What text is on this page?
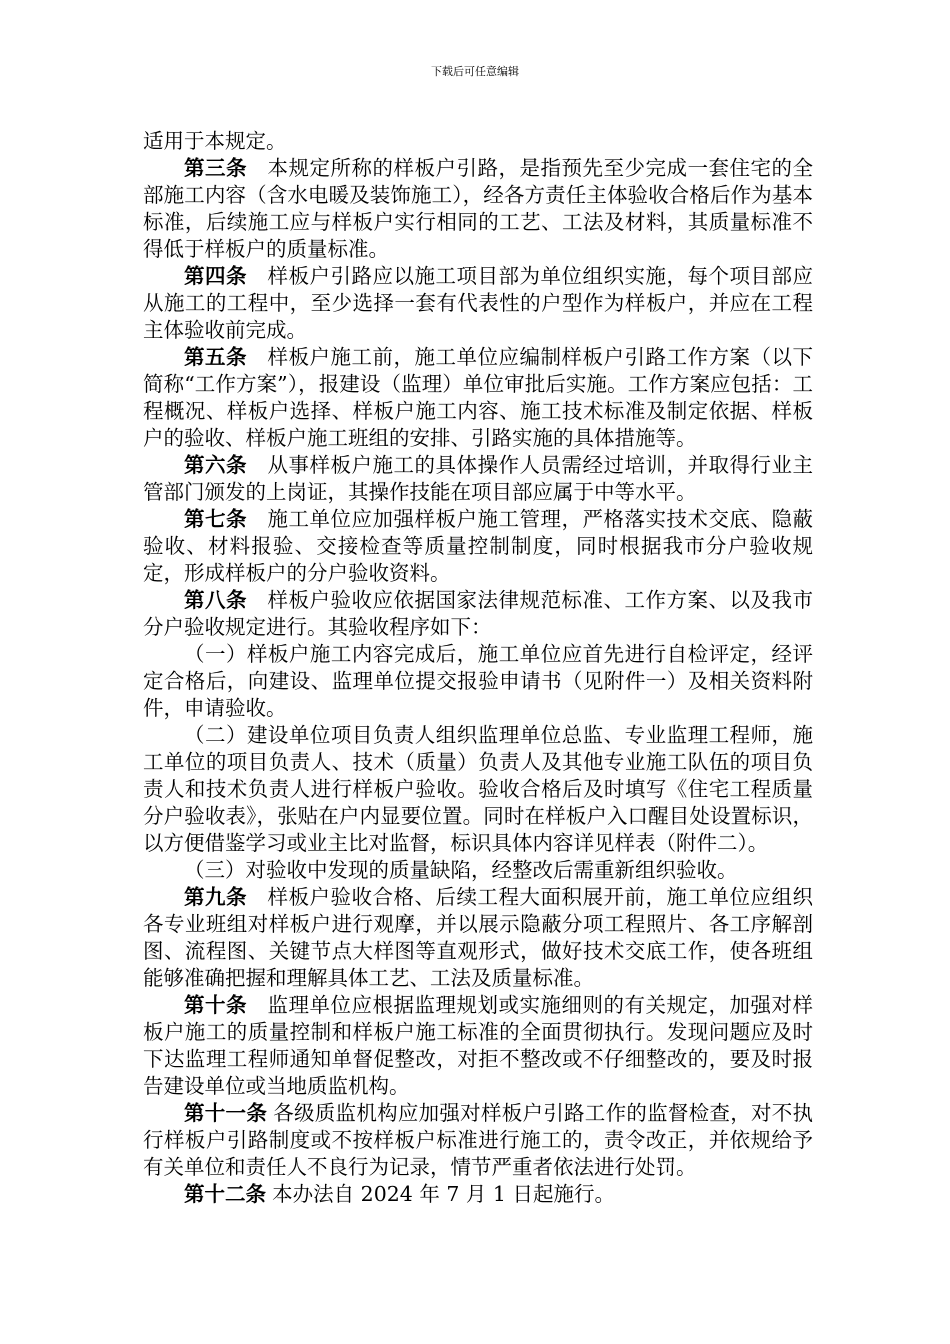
下载后可任意编辑

适用于本规定。

第三条 本规定所称的样板户引路，是指预先至少完成一套住宅的全部施工内容（含水电暖及装饰施工），经各方责任主体验收合格后作为基本标准，后续施工应与样板户实行相同的工艺、工法及材料，其质量标准不得低于样板户的质量标准。

第四条 样板户引路应以施工项目部为单位组织实施，每个项目部应从施工的工程中，至少选择一套有代表性的户型作为样板户，并应在工程主体验收前完成。

第五条 样板户施工前，施工单位应编制样板户引路工作方案（以下简称“工作方案”），报建设（监理）单位审批后实施。工作方案应包括：工程概况、样板户选择、样板户施工内容、施工技术标准及制定依据、样板户的验收、样板户施工班组的安排、引路实施的具体措施等。

第六条 从事样板户施工的具体操作人员需经过培训，并取得行业主管部门颁发的上岗证，其操作技能在项目部应属于中等水平。

第七条 施工单位应加强样板户施工管理，严格落实技术交底、隐蔽验收、材料报验、交接检查等质量控制制度，同时根据我市分户验收规定，形成样板户的分户验收资料。

第八条 样板户验收应依据国家法律规范标准、工作方案、以及我市分户验收规定进行。其验收程序如下：

（一）样板户施工内容完成后，施工单位应首先进行自检评定，经评定合格后，向建设、监理单位提交报验申请书（见附件一）及相关资料附件，申请验收。

（二）建设单位项目负责人组织监理单位总监、专业监理工程师，施工单位的项目负责人、技术（质量）负责人及其他专业施工队伍的项目负责人和技术负责人进行样板户验收。验收合格后及时填写《住宅工程质量分户验收表》，张贴在户内显要位置。同时在样板户入口醒目处设置标识，以方便借鉴学习或业主比对监督，标识具体内容详见样表（附件二）。

（三）对验收中发现的质量缺陷，经整改后需重新组织验收。

第九条 样板户验收合格、后续工程大面积展开前，施工单位应组织各专业班组对样板户进行观摩，并以展示隐蔽分项工程照片、各工序解剖图、流程图、关键节点大样图等直观形式，做好技术交底工作，使各班组能够准确把握和理解具体工艺、工法及质量标准。

第十条 监理单位应根据监理规划或实施细则的有关规定，加强对样板户施工的质量控制和样板户施工标准的全面贯彻执行。发现问题应及时下达监理工程师通知单督促整改，对拒不整改或不仔细整改的，要及时报告建设单位或当地质监机构。

第十一条 各级质监机构应加强对样板户引路工作的监督检查，对不执行样板户引路制度或不按样板户标准进行施工的，责令改正，并依规给予有关单位和责任人不良行为记录，情节严重者依法进行处罚。

第十二条 本办法自 2024 年 7 月 1 日起施行。
